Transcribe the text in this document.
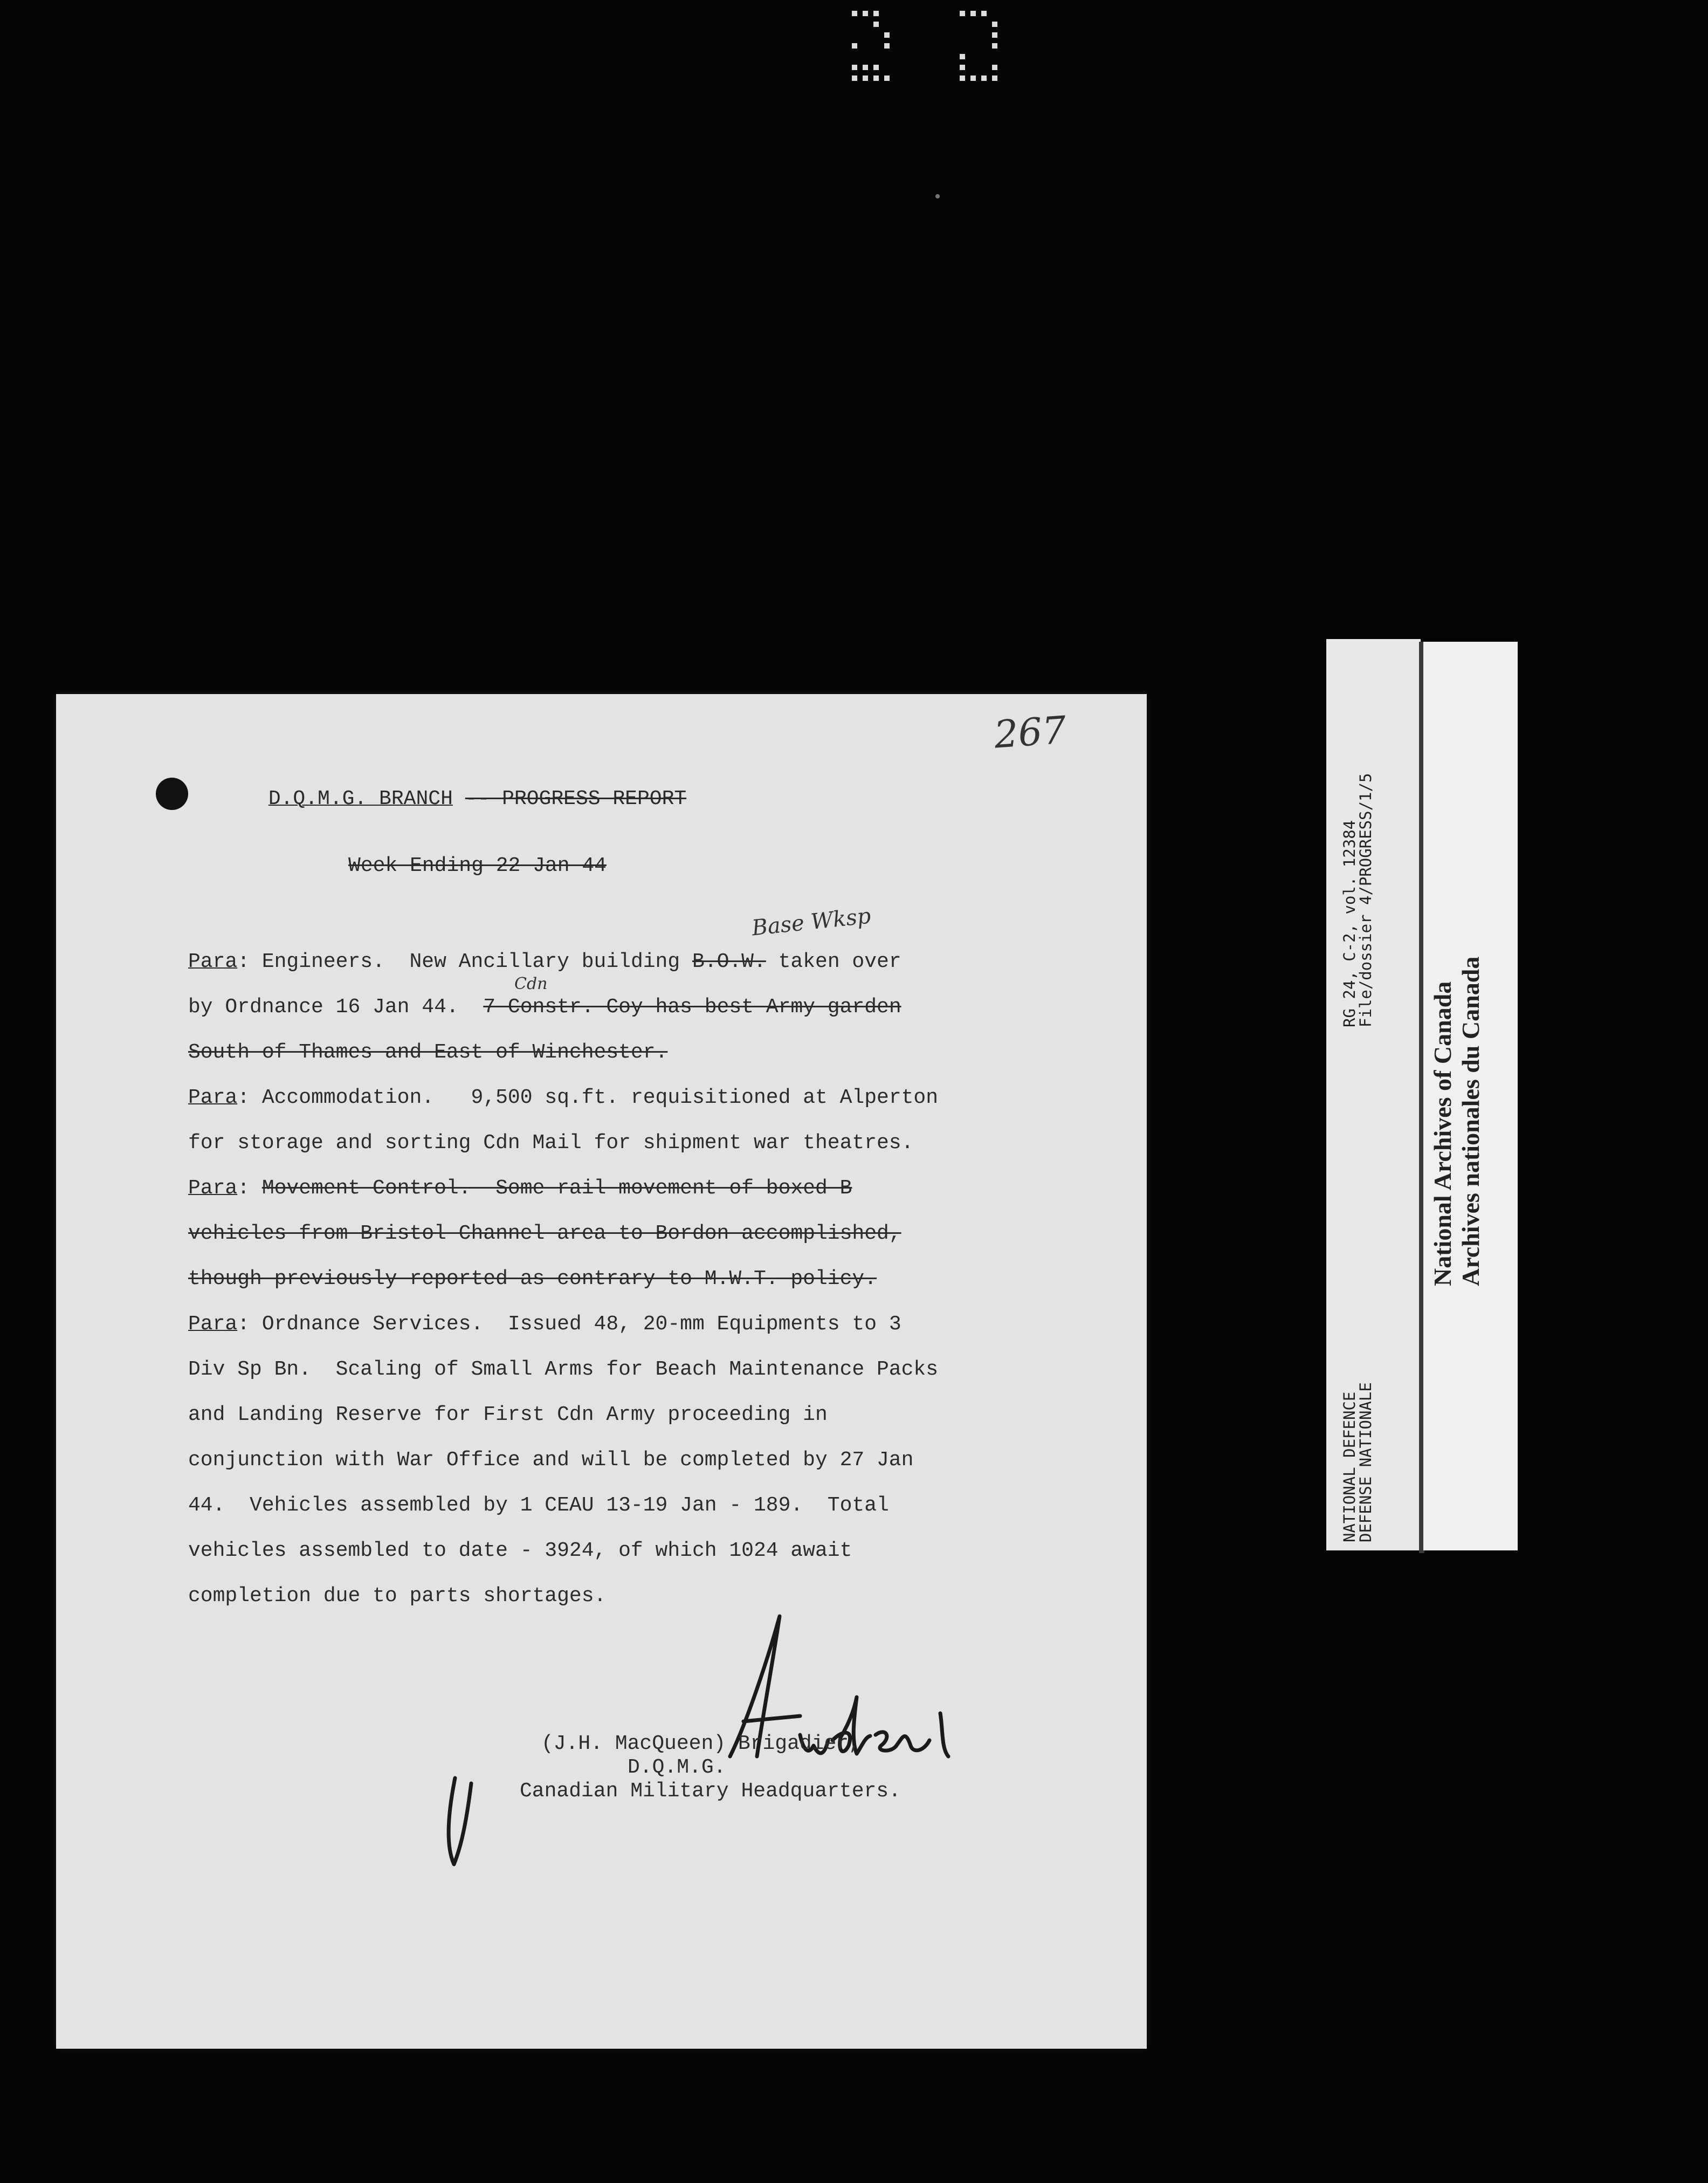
•
267
D.Q.M.G. BRANCH -- PROGRESS REPORT
Week Ending 22 Jan 44
Base Wksp
Cdn
Para: Engineers.  New Ancillary building B.O.W. taken over
by Ordnance 16 Jan 44.  7 Constr. Coy has best Army garden
South of Thames and East of Winchester.
Para: Accommodation.   9,500 sq.ft. requisitioned at Alperton
for storage and sorting Cdn Mail for shipment war theatres.
Para: Movement Control.  Some rail movement of boxed B
vehicles from Bristol Channel area to Bordon accomplished,
though previously reported as contrary to M.W.T. policy.
Para: Ordnance Services.  Issued 48, 20-mm Equipments to 3
Div Sp Bn.  Scaling of Small Arms for Beach Maintenance Packs
and Landing Reserve for First Cdn Army proceeding in
conjunction with War Office and will be completed by 27 Jan
44.  Vehicles assembled by 1 CEAU 13-19 Jan - 189.  Total
vehicles assembled to date - 3924, of which 1024 await
completion due to parts shortages.
(J.H. MacQueen) Brigadier,
D.Q.M.G.
Canadian Military Headquarters.
NATIONAL DEFENCE
DEFENSE NATIONALE
RG 24, C-2, vol. 12384
File/dossier 4/PROGRESS/1/5
National Archives of Canada Archives nationales du Canada
